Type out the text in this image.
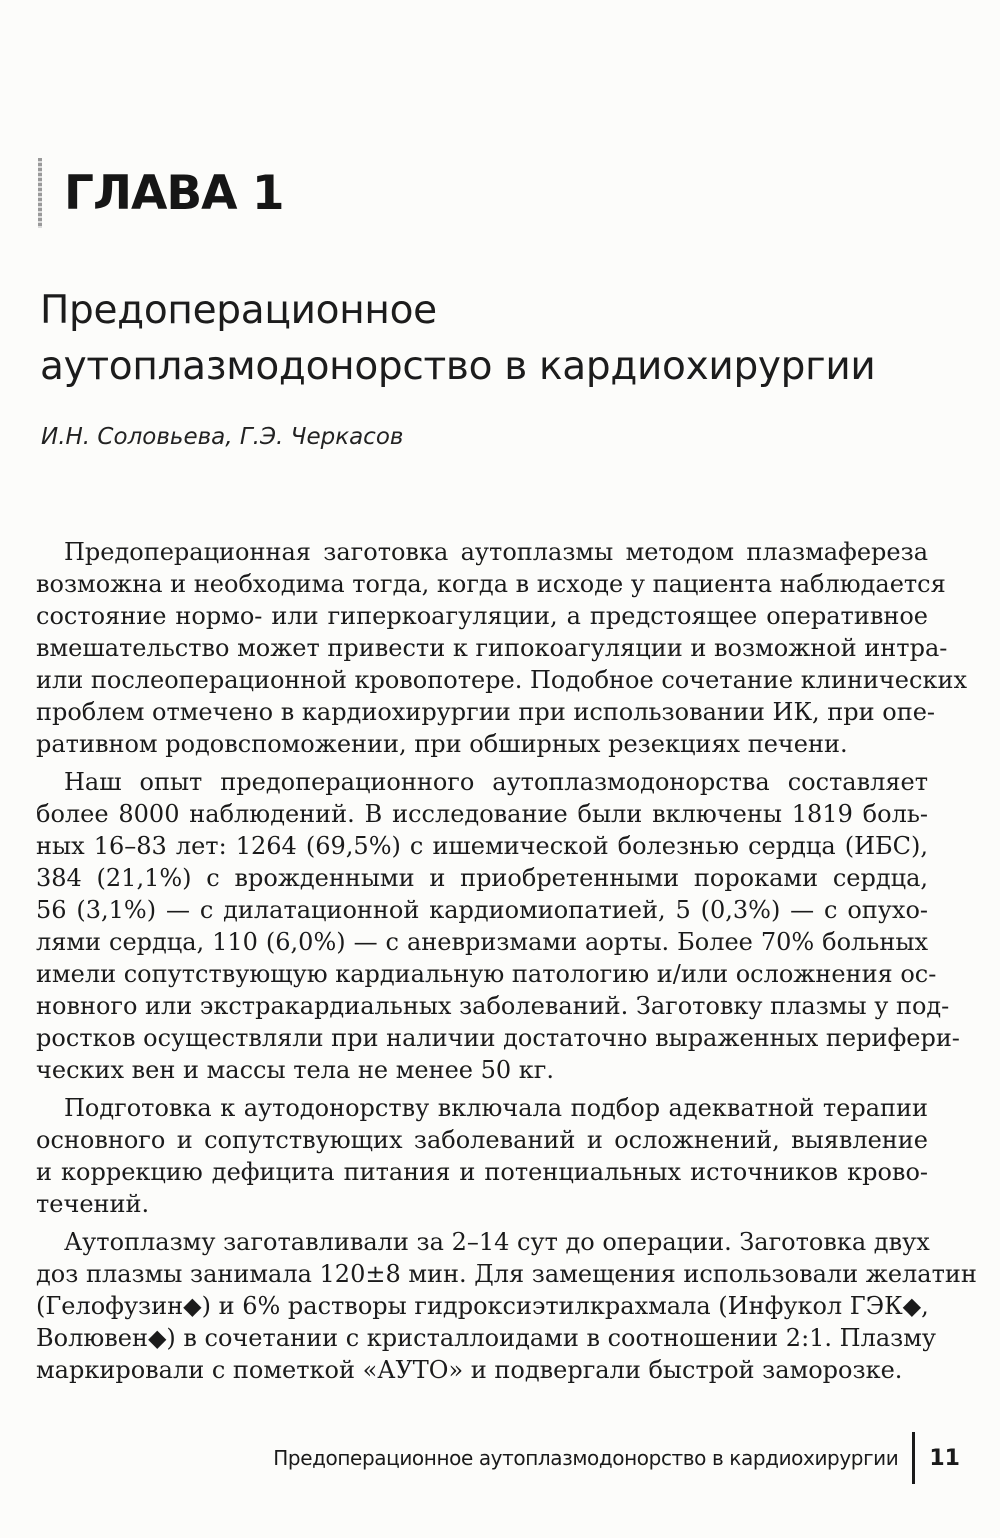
ГЛАВА 1
Предоперационное
аутоплазмодонорство в кардиохирургии
И.Н. Соловьева, Г.Э. Черкасов
Предоперационная заготовка аутоплазмы методом плазмафереза
возможна и необходима тогда, когда в исходе у пациента наблюдается
состояние нормо- или гиперкоагуляции, а предстоящее оперативное
вмешательство может привести к гипокоагуляции и возможной интра-
или послеоперационной кровопотере. Подобное сочетание клинических
проблем отмечено в кардиохирургии при использовании ИК, при опе-
ративном родовспоможении, при обширных резекциях печени.
Наш опыт предоперационного аутоплазмодонорства составляет
более 8000 наблюдений. В исследование были включены 1819 боль-
ных 16–83 лет: 1264 (69,5%) с ишемической болезнью сердца (ИБС),
384 (21,1%) с врожденными и приобретенными пороками сердца,
56 (3,1%) — с дилатационной кардиомиопатией, 5 (0,3%) — с опухо-
лями сердца, 110 (6,0%) — с аневризмами аорты. Более 70% больных
имели сопутствующую кардиальную патологию и/или осложнения ос-
новного или экстракардиальных заболеваний. Заготовку плазмы у под-
ростков осуществляли при наличии достаточно выраженных перифери-
ческих вен и массы тела не менее 50 кг.
Подготовка к аутодонорству включала подбор адекватной терапии
основного и сопутствующих заболеваний и осложнений, выявление
и коррекцию дефицита питания и потенциальных источников крово-
течений.
Аутоплазму заготавливали за 2–14 сут до операции. Заготовка двух
доз плазмы занимала 120±8 мин. Для замещения использовали желатин
(Гелофузин◆) и 6% растворы гидроксиэтилкрахмала (Инфукол ГЭК◆,
Волювен◆) в сочетании с кристаллоидами в соотношении 2:1. Плазму
маркировали с пометкой «АУТО» и подвергали быстрой заморозке.
Предоперационное аутоплазмодонорство в кардиохирургии 11
